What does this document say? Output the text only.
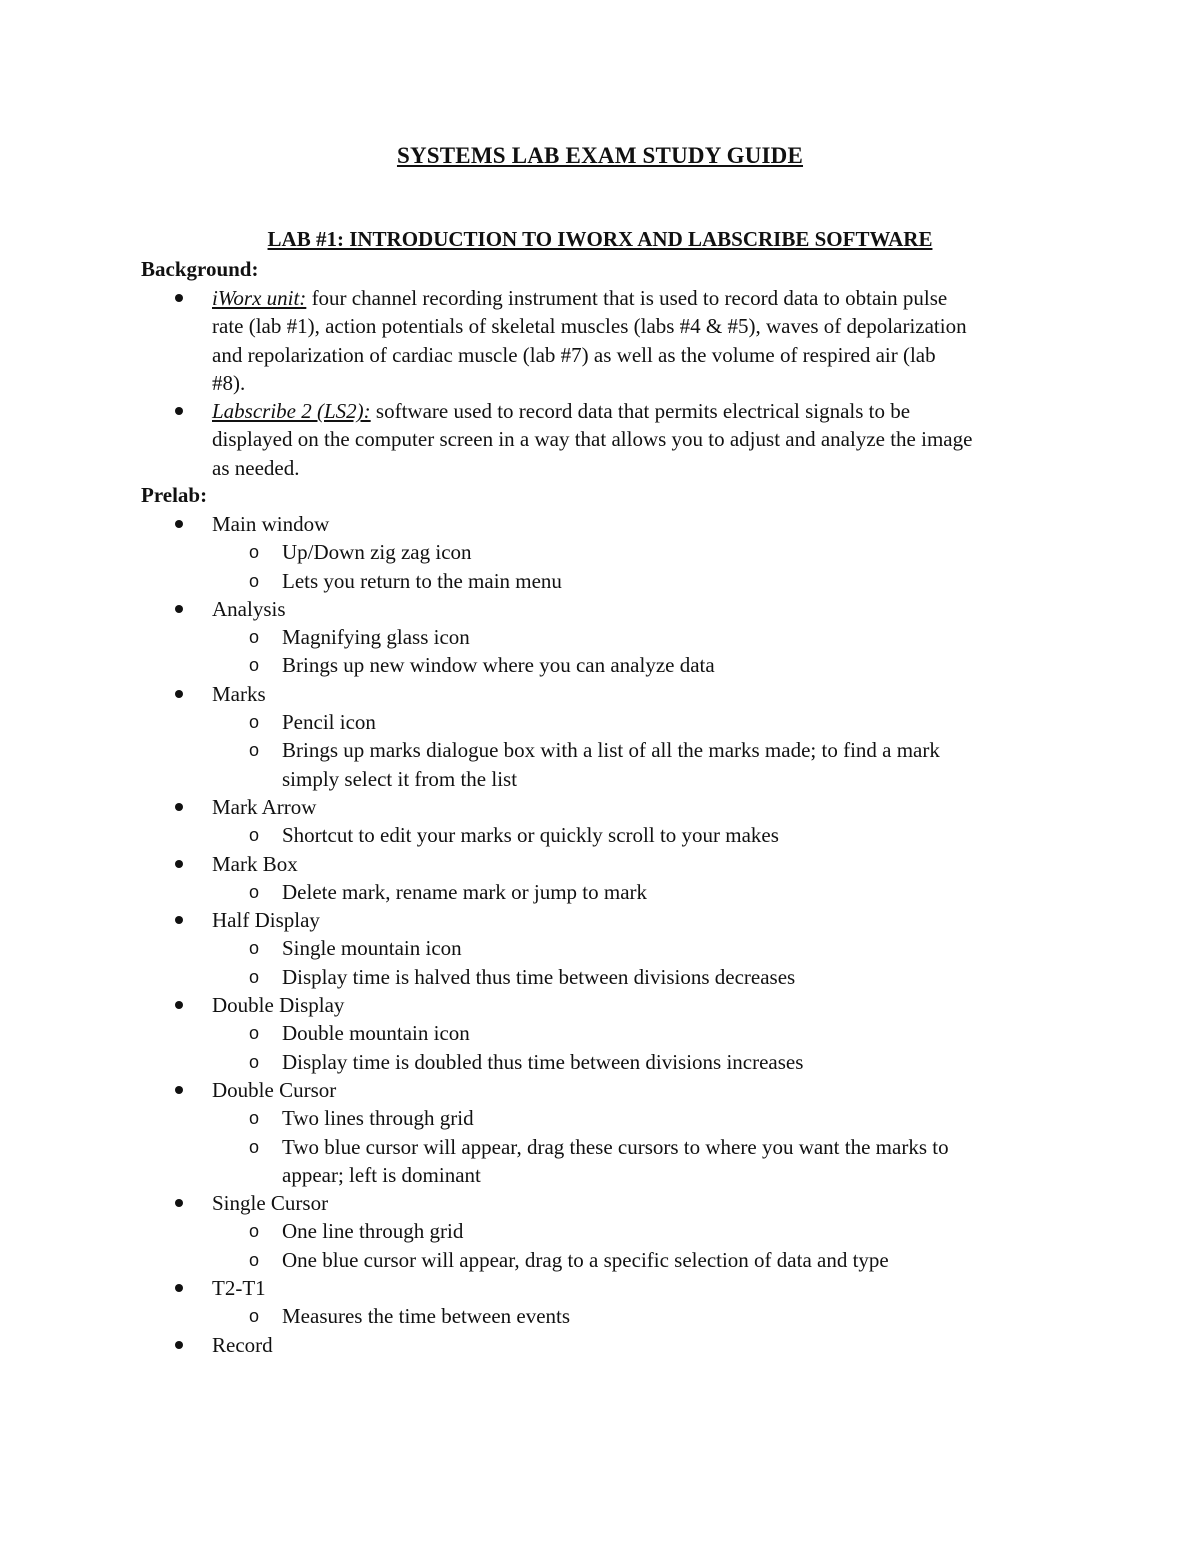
SYSTEMS LAB EXAM STUDY GUIDE
LAB #1: INTRODUCTION TO IWORX AND LABSCRIBE SOFTWARE
Background:
iWorx unit: four channel recording instrument that is used to record data to obtain pulse
rate (lab #1), action potentials of skeletal muscles (labs #4 & #5), waves of depolarization
and repolarization of cardiac muscle (lab #7) as well as the volume of respired air (lab
#8).
Labscribe 2 (LS2): software used to record data that permits electrical signals to be
displayed on the computer screen in a way that allows you to adjust and analyze the image
as needed.
Prelab:
Main window
o Up/Down zig zag icon
o Lets you return to the main menu
Analysis
o Magnifying glass icon
o Brings up new window where you can analyze data
Marks
o Pencil icon
o Brings up marks dialogue box with a list of all the marks made; to find a mark
simply select it from the list
Mark Arrow
o Shortcut to edit your marks or quickly scroll to your makes
Mark Box
o Delete mark, rename mark or jump to mark
Half Display
o Single mountain icon
o Display time is halved thus time between divisions decreases
Double Display
o Double mountain icon
o Display time is doubled thus time between divisions increases
Double Cursor
o Two lines through grid
o Two blue cursor will appear, drag these cursors to where you want the marks to
appear; left is dominant
Single Cursor
o One line through grid
o One blue cursor will appear, drag to a specific selection of data and type
T2-T1
o Measures the time between events
Record
